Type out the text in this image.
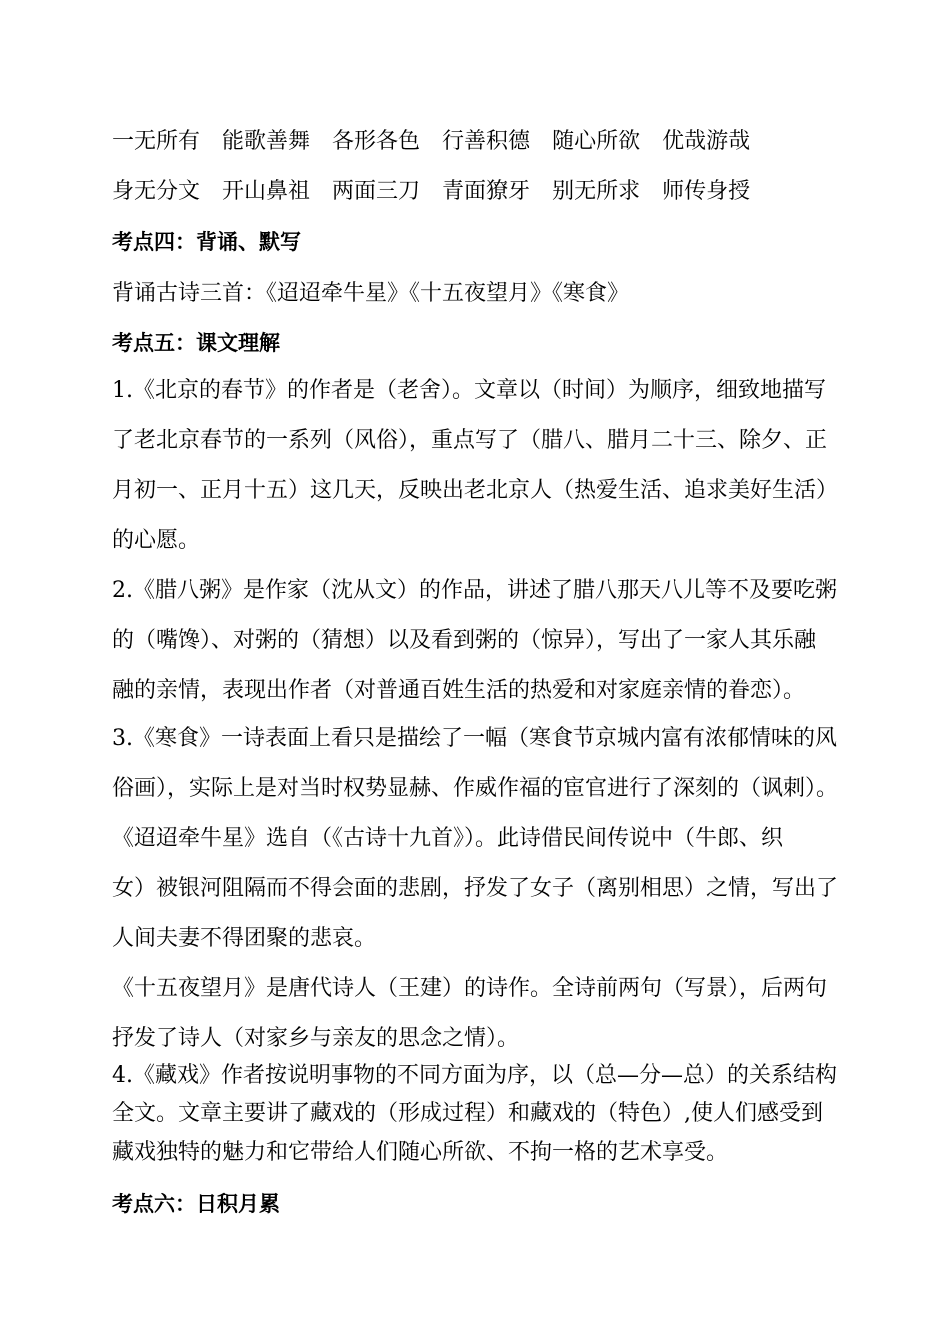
一无所有 能歌善舞 各形各色 行善积德 随心所欲 优哉游哉
身无分文 开山鼻祖 两面三刀 青面獠牙 别无所求 师传身授
考点四：背诵、默写
背诵古诗三首：《迢迢牵牛星》《十五夜望月》《寒食》
考点五：课文理解
1.《北京的春节》的作者是（老舍）。文章以（时间）为顺序，细致地描写
了老北京春节的一系列（风俗），重点写了（腊八、腊月二十三、除夕、正
月初一、正月十五）这几天，反映出老北京人（热爱生活、追求美好生活）
的心愿。
2.《腊八粥》是作家（沈从文）的作品，讲述了腊八那天八儿等不及要吃粥
的（嘴馋）、对粥的（猜想）以及看到粥的（惊异），写出了一家人其乐融
融的亲情，表现出作者（对普通百姓生活的热爱和对家庭亲情的眷恋）。
3.《寒食》一诗表面上看只是描绘了一幅（寒食节京城内富有浓郁情味的风
俗画），实际上是对当时权势显赫、作威作福的宦官进行了深刻的（讽刺）。
《迢迢牵牛星》选自（《古诗十九首》）。此诗借民间传说中（牛郎、织
女）被银河阻隔而不得会面的悲剧，抒发了女子（离别相思）之情，写出了
人间夫妻不得团聚的悲哀。
《十五夜望月》是唐代诗人（王建）的诗作。全诗前两句（写景），后两句
抒发了诗人（对家乡与亲友的思念之情）。
4.《藏戏》作者按说明事物的不同方面为序，以（总—分—总）的关系结构
全文。文章主要讲了藏戏的（形成过程）和藏戏的（特色）,使人们感受到
藏戏独特的魅力和它带给人们随心所欲、不拘一格的艺术享受。
考点六：日积月累
